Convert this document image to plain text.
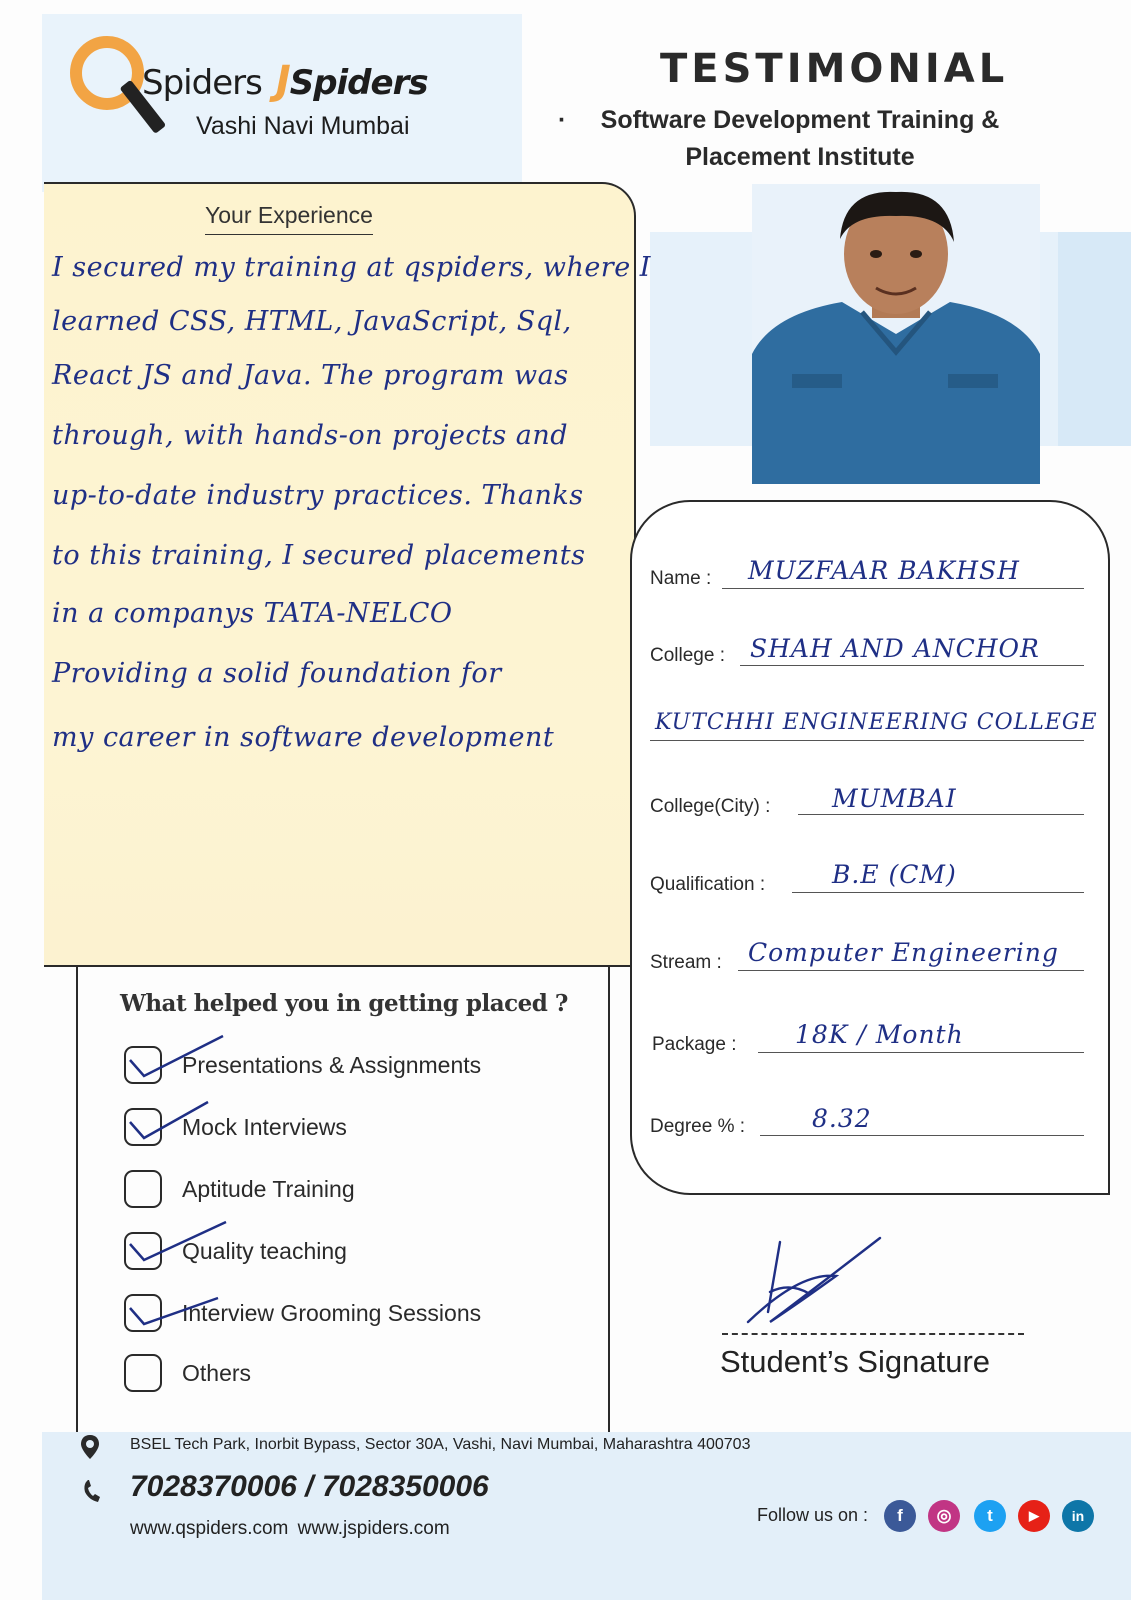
Spiders JSpiders
Vashi Navi Mumbai
TESTIMONIAL
·	Software Development Training &
Placement Institute
Your Experience
I secured my training at qspiders, where I
learned CSS, HTML, JavaScript, Sql,
React JS and Java. The program was
through, with hands-on projects and
up-to-date industry practices. Thanks
to this training, I secured placements
in a companys TATA-NELCO
Providing a solid foundation for
my career in software development
Name : MUZFAAR BAKHSH
College : SHAH AND ANCHOR
KUTCHHI ENGINEERING COLLEGE
College(City) : MUMBAI
Qualification :	B.E (CM)
Stream : Computer Engineering
Package : 18K / Month
Degree % :	8.32
What helped you in getting placed ?
Presentations & Assignments
Mock Interviews
Aptitude Training
Quality teaching
Interview Grooming Sessions
Others	Student’s Signature
BSEL Tech Park, Inorbit Bypass, Sector 30A, Vashi, Navi Mumbai, Maharashtra 400703
7028370006 / 7028350006
www.qspiders.com www.jspiders.com
Follow us on :	f	◎	t	▶	in
